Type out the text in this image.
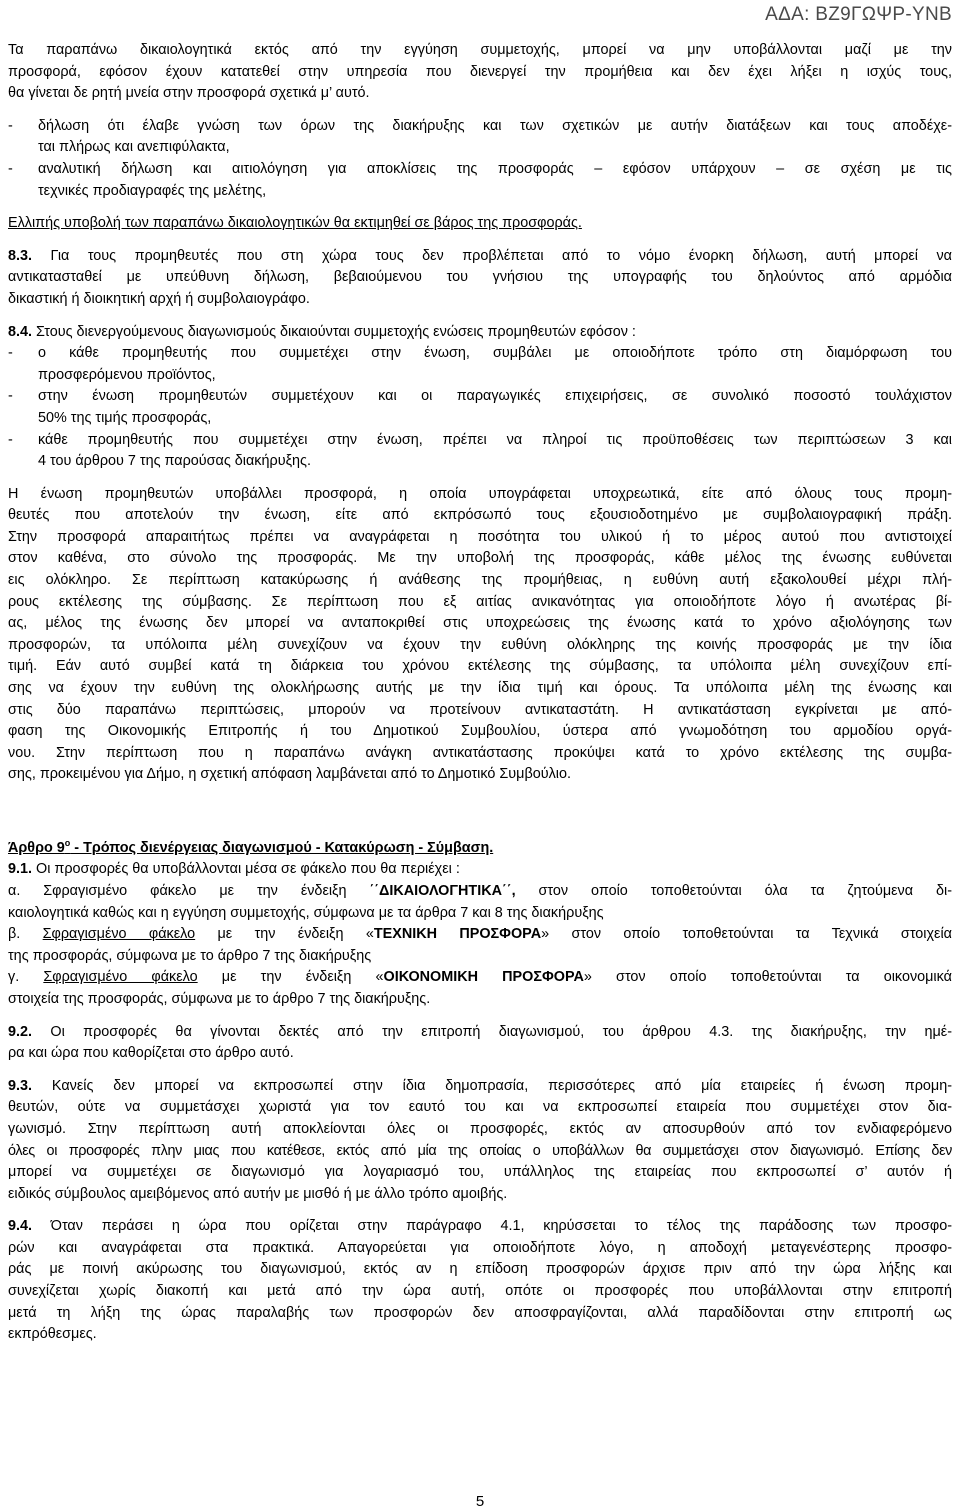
ΑΔΑ: ΒΖ9ΓΩΨΡ-ΥΝΒ
Τα παραπάνω δικαιολογητικά εκτός από την εγγύηση συμμετοχής, μπορεί να μην υποβάλλονται μαζί με την
προσφορά, εφόσον έχουν κατατεθεί στην υπηρεσία που διενεργεί την προμήθεια και δεν έχει λήξει η ισχύς τους,
θα γίνεται δε ρητή μνεία στην προσφορά σχετικά μ’ αυτό.
-	δήλωση ότι έλαβε γνώση των όρων της διακήρυξης και των σχετικών με αυτήν διατάξεων και τους αποδέχε-
ται πλήρως και ανεπιφύλακτα,
-	αναλυτική δήλωση και αιτιολόγηση για αποκλίσεις της προσφοράς – εφόσον υπάρχουν – σε σχέση με τις
τεχνικές προδιαγραφές της μελέτης,
Ελλιπής υποβολή των παραπάνω δικαιολογητικών θα εκτιμηθεί σε βάρος της προσφοράς.
8.3. Για τους προμηθευτές που στη χώρα τους δεν προβλέπεται από το νόμο ένορκη δήλωση, αυτή μπορεί να
αντικατασταθεί με υπεύθυνη δήλωση, βεβαιούμενου του γνήσιου της υπογραφής του δηλούντος από αρμόδια
δικαστική ή διοικητική αρχή ή συμβολαιογράφο.
8.4. Στους διενεργούμενους διαγωνισμούς δικαιούνται συμμετοχής ενώσεις προμηθευτών εφόσον :
-	ο κάθε προμηθευτής που συμμετέχει στην ένωση, συμβάλει με οποιοδήποτε τρόπο στη διαμόρφωση του
προσφερόμενου προϊόντος,
-	στην ένωση προμηθευτών συμμετέχουν και οι παραγωγικές επιχειρήσεις, σε συνολικό ποσοστό τουλάχιστον
50% της τιμής προσφοράς,
-	κάθε προμηθευτής που συμμετέχει στην ένωση, πρέπει να πληροί τις προϋποθέσεις των περιπτώσεων 3 και
4 του άρθρου 7 της παρούσας διακήρυξης.
Η ένωση προμηθευτών υποβάλλει προσφορά, η οποία υπογράφεται υποχρεωτικά, είτε από όλους τους προμη-
θευτές που αποτελούν την ένωση, είτε από εκπρόσωπό τους εξουσιοδοτημένο με συμβολαιογραφική πράξη.
Στην προσφορά απαραιτήτως πρέπει να αναγράφεται η ποσότητα του υλικού ή το μέρος αυτού που αντιστοιχεί
στον καθένα, στο σύνολο της προσφοράς. Με την υποβολή της προσφοράς, κάθε μέλος της ένωσης ευθύνεται
εις ολόκληρο. Σε περίπτωση κατακύρωσης ή ανάθεσης της προμήθειας, η ευθύνη αυτή εξακολουθεί μέχρι πλή-
ρους εκτέλεσης της σύμβασης. Σε περίπτωση που εξ αιτίας ανικανότητας για οποιοδήποτε λόγο ή ανωτέρας βί-
ας, μέλος της ένωσης δεν μπορεί να ανταποκριθεί στις υποχρεώσεις της ένωσης κατά το χρόνο αξιολόγησης των
προσφορών, τα υπόλοιπα μέλη συνεχίζουν να έχουν την ευθύνη ολόκληρης της κοινής προσφοράς με την ίδια
τιμή. Εάν αυτό συμβεί κατά τη διάρκεια του χρόνου εκτέλεσης της σύμβασης, τα υπόλοιπα μέλη συνεχίζουν επί-
σης να έχουν την ευθύνη της ολοκλήρωσης αυτής με την ίδια τιμή και όρους. Τα υπόλοιπα μέλη της ένωσης και
στις δύο παραπάνω περιπτώσεις, μπορούν να προτείνουν αντικαταστάτη. Η αντικατάσταση εγκρίνεται με από-
φαση της Οικονομικής Επιτροπής ή του Δημοτικού Συμβουλίου, ύστερα από γνωμοδότηση του αρμοδίου οργά-
νου. Στην περίπτωση που η παραπάνω ανάγκη αντικατάστασης προκύψει κατά το χρόνο εκτέλεσης της συμβα-
σης, προκειμένου για Δήμο, η σχετική απόφαση λαμβάνεται από το Δημοτικό Συμβούλιο.
Άρθρο $9^o$ - Τρόπος διενέργειας διαγωνισμού - Κατακύρωση - Σύμβαση.
9.1. Οι προσφορές θα υποβάλλονται μέσα σε φάκελο που θα περιέχει :
α. Σφραγισμένο φάκελο με την ένδειξη ΄΄ΔΙΚΑΙΟΛΟΓΗΤΙΚΑ΄΄, στον οποίο τοποθετούνται όλα τα ζητούμενα δι-
καιολογητικά καθώς και η εγγύηση συμμετοχής, σύμφωνα με τα άρθρα 7 και 8 της διακήρυξης
β. Σφραγισμένο φάκελο με την ένδειξη «ΤΕΧΝΙΚΗ ΠΡΟΣΦΟΡΑ» στον οποίο τοποθετούνται τα Τεχνικά στοιχεία
της προσφοράς, σύμφωνα με το άρθρο 7 της διακήρυξης
γ. Σφραγισμένο φάκελο με την ένδειξη «ΟΙΚΟΝΟΜΙΚΗ ΠΡΟΣΦΟΡΑ» στον οποίο τοποθετούνται τα οικονομικά
στοιχεία της προσφοράς, σύμφωνα με το άρθρο 7 της διακήρυξης.
9.2. Οι προσφορές θα γίνονται δεκτές από την επιτροπή διαγωνισμού, του άρθρου 4.3. της διακήρυξης, την ημέ-
ρα και ώρα που καθορίζεται στο άρθρο αυτό.
9.3. Κανείς δεν μπορεί να εκπροσωπεί στην ίδια δημοπρασία, περισσότερες από μία εταιρείες ή ένωση προμη-
θευτών, ούτε να συμμετάσχει χωριστά για τον εαυτό του και να εκπροσωπεί εταιρεία που συμμετέχει στον δια-
γωνισμό. Στην περίπτωση αυτή αποκλείονται όλες οι προσφορές, εκτός αν αποσυρθούν από τον ενδιαφερόμενο
όλες οι προσφορές πλην μιας που κατέθεσε, εκτός από μία της οποίας ο υποβάλλων θα συμμετάσχει στον διαγωνισμό. Επίσης δεν
μπορεί να συμμετέχει σε διαγωνισμό για λογαριασμό του, υπάλληλος της εταιρείας που εκπροσωπεί σ’ αυτόν ή
ειδικός σύμβουλος αμειβόμενος από αυτήν με μισθό ή με άλλο τρόπο αμοιβής.
9.4. Όταν περάσει η ώρα που ορίζεται στην παράγραφο 4.1, κηρύσσεται το τέλος της παράδοσης των προσφο-
ρών και αναγράφεται στα πρακτικά. Απαγορεύεται για οποιοδήποτε λόγο, η αποδοχή μεταγενέστερης προσφο-
ράς με ποινή ακύρωσης του διαγωνισμού, εκτός αν η επίδοση προσφορών άρχισε πριν από την ώρα λήξης και
συνεχίζεται χωρίς διακοπή και μετά από την ώρα αυτή, οπότε οι προσφορές που υποβάλλονται στην επιτροπή
μετά τη λήξη της ώρας παραλαβής των προσφορών δεν αποσφραγίζονται, αλλά παραδίδονται στην επιτροπή ως
εκπρόθεσμες.
5
